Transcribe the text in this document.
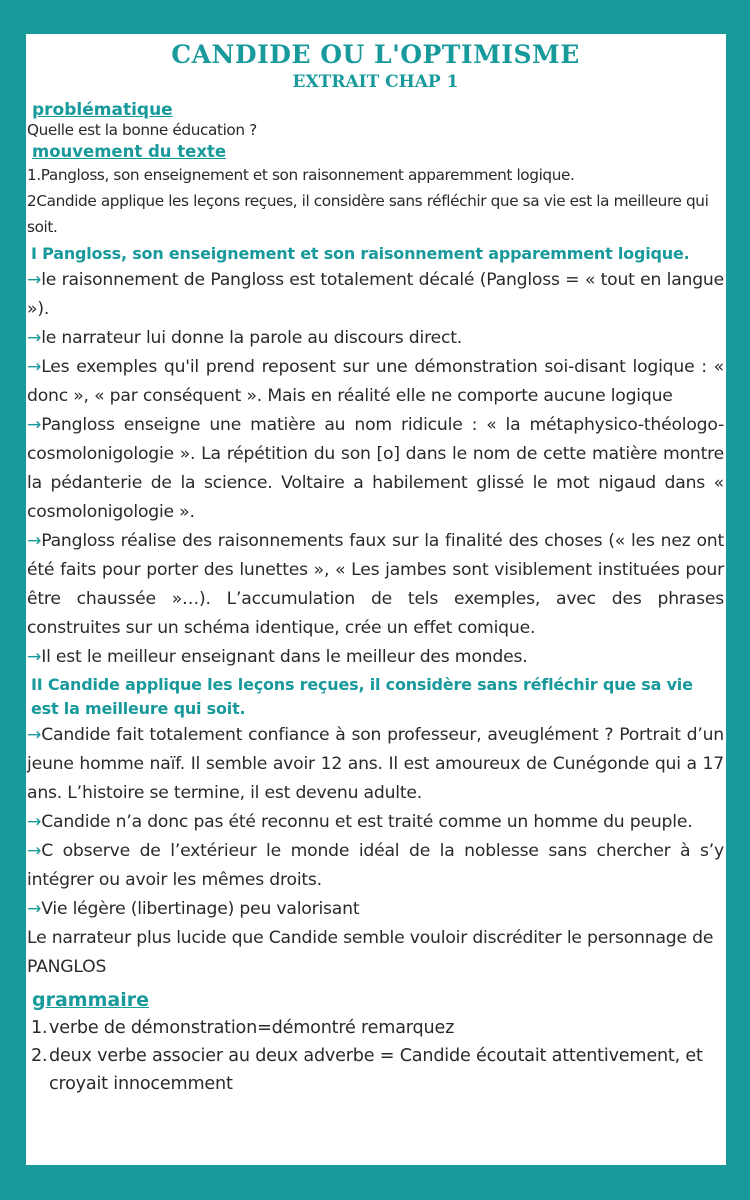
CANDIDE OU L'OPTIMISME
EXTRAIT CHAP 1
problématique
Quelle est la bonne éducation ?
mouvement du texte
1.Pangloss, son enseignement et son raisonnement apparemment logique.
2Candide applique les leçons reçues, il considère sans réfléchir que sa vie est la meilleure qui soit.
I Pangloss, son enseignement et son raisonnement apparemment logique.
→le raisonnement de Pangloss est totalement décalé (Pangloss = « tout en langue »).
→le narrateur lui donne la parole au discours direct.
→Les exemples qu'il prend reposent sur une démonstration soi-disant logique : « donc », « par conséquent ». Mais en réalité elle ne comporte aucune logique
→Pangloss enseigne une matière au nom ridicule : « la métaphysico-théologo-cosmolonigologie ». La répétition du son [o] dans le nom de cette matière montre la pédanterie de la science. Voltaire a habilement glissé le mot nigaud dans « cosmolonigologie ».
→Pangloss réalise des raisonnements faux sur la finalité des choses (« les nez ont été faits pour porter des lunettes », « Les jambes sont visiblement instituées pour être chaussée »…). L’accumulation de tels exemples, avec des phrases construites sur un schéma identique, crée un effet comique.
→Il est le meilleur enseignant dans le meilleur des mondes.
II Candide applique les leçons reçues, il considère sans réfléchir que sa vie est la meilleure qui soit.
→Candide fait totalement confiance à son professeur, aveuglément ? Portrait d’un jeune homme naïf. Il semble avoir 12 ans. Il est amoureux de Cunégonde qui a 17 ans. L’histoire se termine, il est devenu adulte.
→Candide n’a donc pas été reconnu et est traité comme un homme du peuple.
→C observe de l’extérieur le monde idéal de la noblesse sans chercher à s’y intégrer ou avoir les mêmes droits.
→Vie légère (libertinage) peu valorisant
Le narrateur plus lucide que Candide semble vouloir discréditer le personnage de PANGLOS
grammaire
1. verbe de démonstration=démontré remarquez
2. deux verbe associer au deux adverbe = Candide écoutait attentivement, et croyait innocemment
